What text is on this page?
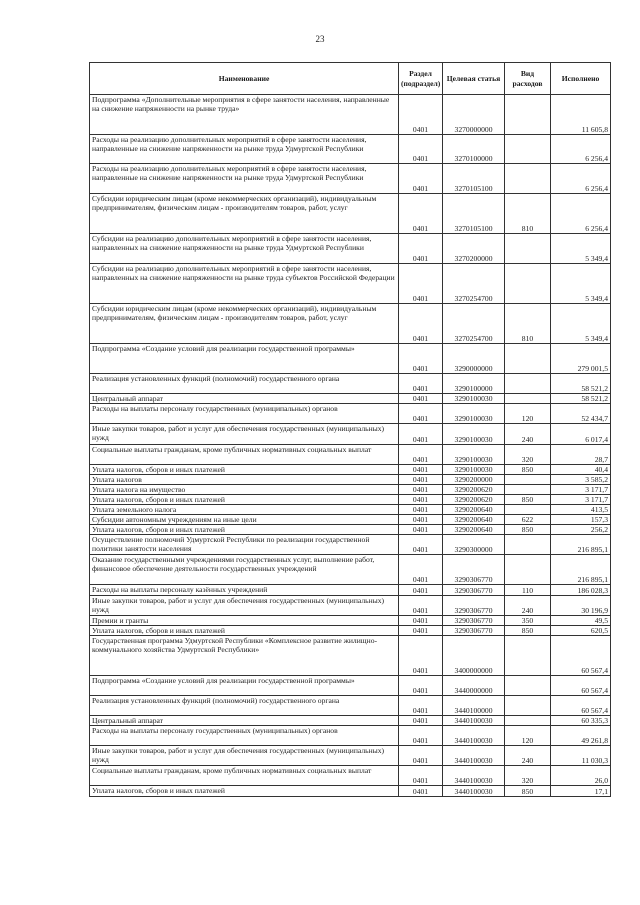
23
Наименование	Раздел (подраздел)	Целевая статья	Вид расходов	Исполнено
Подпрограмма «Дополнительные мероприятия в сфере занятости населения, направленные на снижение напряженности на рынке труда»	0401	3270000000		11 605,8
Расходы на реализацию дополнительных мероприятий в сфере занятости населения, направленные на снижение напряженности на рынке труда Удмуртской Республики	0401	3270100000		6 256,4
Расходы на реализацию дополнительных мероприятий в сфере занятости населения, направленные на снижение напряженности на рынке труда Удмуртской Республики	0401	3270105100		6 256,4
Субсидии юридическим лицам (кроме некоммерческих организаций), индивидуальным предпринимателям, физическим лицам - производителям товаров, работ, услуг	0401	3270105100	810	6 256,4
Субсидии на реализацию дополнительных мероприятий в сфере занятости населения, направленных на снижение напряженности на рынке труда Удмуртской Республики	0401	3270200000		5 349,4
Субсидии на реализацию дополнительных мероприятий в сфере занятости населения, направленных на снижение напряженности на рынке труда субъектов Российской Федерации	0401	3270254700		5 349,4
Субсидии юридическим лицам (кроме некоммерческих организаций), индивидуальным предпринимателям, физическим лицам - производителям товаров, работ, услуг	0401	3270254700	810	5 349,4
Подпрограмма «Создание условий для реализации государственной программы»	0401	3290000000		279 001,5
Реализация установленных функций (полномочий) государственного органа	0401	3290100000		58 521,2
Центральный аппарат	0401	3290100030		58 521,2
Расходы на выплаты персоналу государственных (муниципальных) органов	0401	3290100030	120	52 434,7
Иные закупки товаров, работ и услуг для обеспечения государственных (муниципальных) нужд	0401	3290100030	240	6 017,4
Социальные выплаты гражданам, кроме публичных нормативных социальных выплат	0401	3290100030	320	28,7
Уплата налогов, сборов и иных платежей	0401	3290100030	850	40,4
Уплата налогов	0401	3290200000		3 585,2
Уплата налога на имущество	0401	3290200620		3 171,7
Уплата налогов, сборов и иных платежей	0401	3290200620	850	3 171,7
Уплата земельного налога	0401	3290200640		413,5
Субсидии автономным учреждениям на иные цели	0401	3290200640	622	157,3
Уплата налогов, сборов и иных платежей	0401	3290200640	850	256,2
Осуществление полномочий Удмуртской Республики по реализации государственной политики занятости населения	0401	3290300000		216 895,1
Оказание государственными учреждениями государственных услуг, выполнение работ, финансовое обеспечение деятельности государственных учреждений	0401	3290306770		216 895,1
Расходы на выплаты персоналу казённых учреждений	0401	3290306770	110	186 028,3
Иные закупки товаров, работ и услуг для обеспечения государственных (муниципальных) нужд	0401	3290306770	240	30 196,9
Премии и гранты	0401	3290306770	350	49,5
Уплата налогов, сборов и иных платежей	0401	3290306770	850	620,5
Государственная программа Удмуртской Республики «Комплексное развитие жилищно-коммунального хозяйства Удмуртской Республики»	0401	3400000000		60 567,4
Подпрограмма «Создание условий для реализации государственной программы»	0401	3440000000		60 567,4
Реализация установленных функций (полномочий) государственного органа	0401	3440100000		60 567,4
Центральный аппарат	0401	3440100030		60 335,3
Расходы на выплаты персоналу государственных (муниципальных) органов	0401	3440100030	120	49 261,8
Иные закупки товаров, работ и услуг для обеспечения государственных (муниципальных) нужд	0401	3440100030	240	11 030,3
Социальные выплаты гражданам, кроме публичных нормативных социальных выплат	0401	3440100030	320	26,0
Уплата налогов, сборов и иных платежей	0401	3440100030	850	17,1
